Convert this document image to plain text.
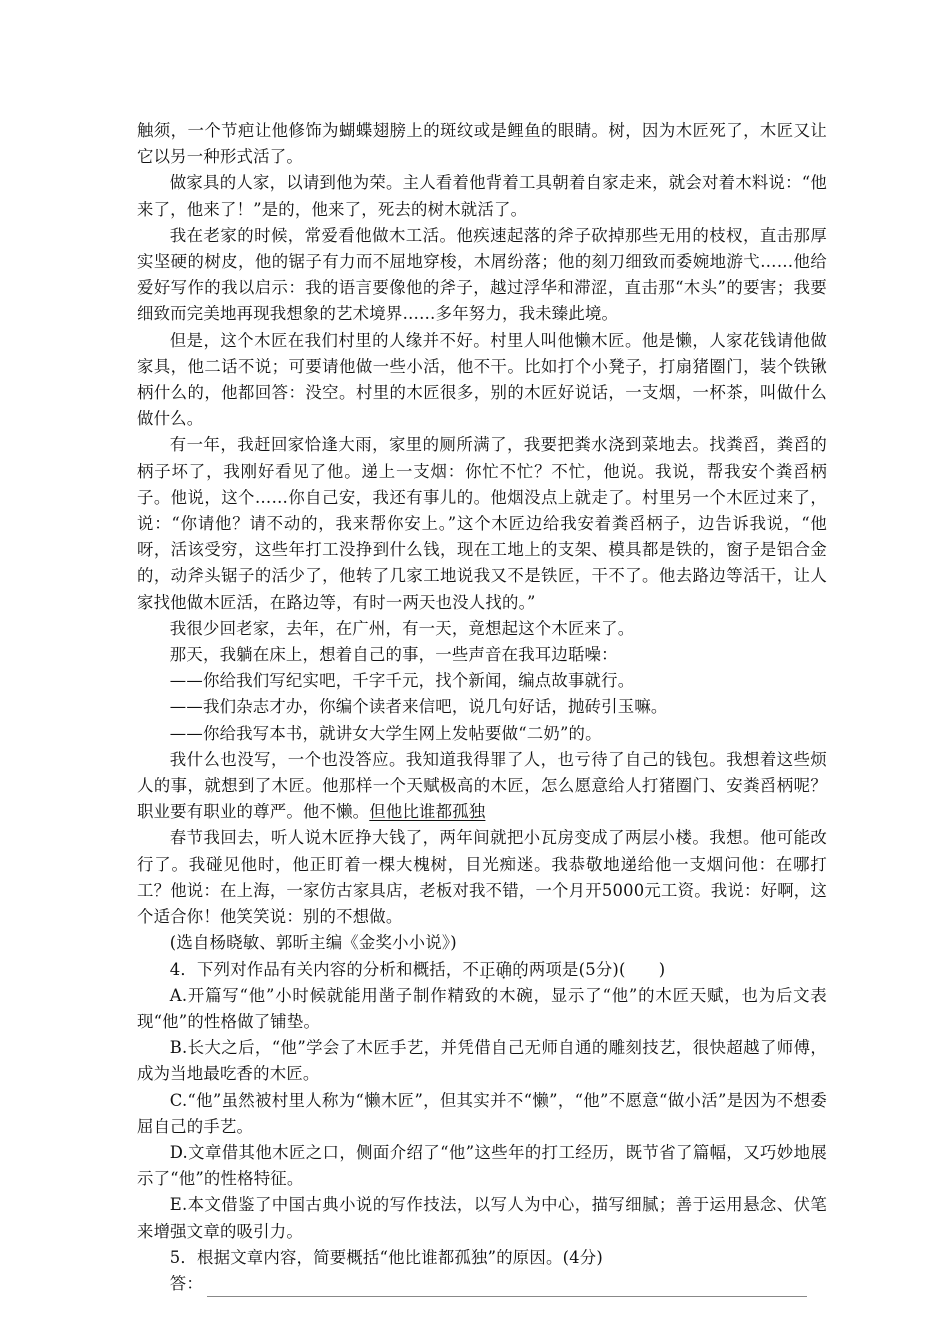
触须，一个节疤让他修饰为蝴蝶翅膀上的斑纹或是鲤鱼的眼睛。树，因为木匠死了，木匠又让它以另一种形式活了。

做家具的人家，以请到他为荣。主人看着他背着工具朝着自家走来，就会对着木料说：“他来了，他来了！”是的，他来了，死去的树木就活了。

我在老家的时候，常爱看他做木工活。他疾速起落的斧子砍掉那些无用的枝杈，直击那厚实坚硬的树皮，他的锯子有力而不屈地穿梭，木屑纷落；他的刻刀细致而委婉地游弋……他给爱好写作的我以启示：我的语言要像他的斧子，越过浮华和滞涩，直击那“木头”的要害；我要细致而完美地再现我想象的艺术境界……多年努力，我未臻此境。

但是，这个木匠在我们村里的人缘并不好。村里人叫他懒木匠。他是懒，人家花钱请他做家具，他二话不说；可要请他做一些小活，他不干。比如打个小凳子，打扇猪圈门，装个铁锹柄什么的，他都回答：没空。村里的木匠很多，别的木匠好说话，一支烟，一杯茶，叫做什么做什么。

有一年，我赶回家恰逢大雨，家里的厕所满了，我要把粪水浇到菜地去。找粪舀，粪舀的柄子坏了，我刚好看见了他。递上一支烟：你忙不忙？不忙，他说。我说，帮我安个粪舀柄子。他说，这个……你自己安，我还有事儿的。他烟没点上就走了。村里另一个木匠过来了，说：“你请他？请不动的，我来帮你安上。”这个木匠边给我安着粪舀柄子，边告诉我说，“他呀，活该受穷，这些年打工没挣到什么钱，现在工地上的支架、模具都是铁的，窗子是铝合金的，动斧头锯子的活少了，他转了几家工地说我又不是铁匠，干不了。他去路边等活干，让人家找他做木匠活，在路边等，有时一两天也没人找的。”

我很少回老家，去年，在广州，有一天，竟想起这个木匠来了。

那天，我躺在床上，想着自己的事，一些声音在我耳边聒噪：

——你给我们写纪实吧，千字千元，找个新闻，编点故事就行。

——我们杂志才办，你编个读者来信吧，说几句好话，抛砖引玉嘛。

——你给我写本书，就讲女大学生网上发帖要做“二奶”的。

我什么也没写，一个也没答应。我知道我得罪了人，也亏待了自己的钱包。我想着这些烦人的事，就想到了木匠。他那样一个天赋极高的木匠，怎么愿意给人打猪圈门、安粪舀柄呢？职业要有职业的尊严。他不懒。但他比谁都孤独

春节我回去，听人说木匠挣大钱了，两年间就把小瓦房变成了两层小楼。我想。他可能改行了。我碰见他时，他正盯着一棵大槐树，目光痴迷。我恭敬地递给他一支烟问他：在哪打工？他说：在上海，一家仿古家具店，老板对我不错，一个月开5000元工资。我说：好啊，这个适合你！他笑笑说：别的不想做。

(选自杨晓敏、郭昕主编《金奖小小说》)

4．下列对作品有关内容的分析和概括，不正确的两项是(5分)(　　)

A.开篇写“他”小时候就能用凿子制作精致的木碗，显示了“他”的木匠天赋，也为后文表现“他”的性格做了铺垫。

B.长大之后，“他”学会了木匠手艺，并凭借自己无师自通的雕刻技艺，很快超越了师傅，成为当地最吃香的木匠。

C.“他”虽然被村里人称为“懒木匠”，但其实并不“懒”，“他”不愿意“做小活”是因为不想委屈自己的手艺。

D.文章借其他木匠之口，侧面介绍了“他”这些年的打工经历，既节省了篇幅，又巧妙地展示了“他”的性格特征。

E.本文借鉴了中国古典小说的写作技法，以写人为中心，描写细腻；善于运用悬念、伏笔来增强文章的吸引力。

5．根据文章内容，简要概括“他比谁都孤独”的原因。(4分)

答：
